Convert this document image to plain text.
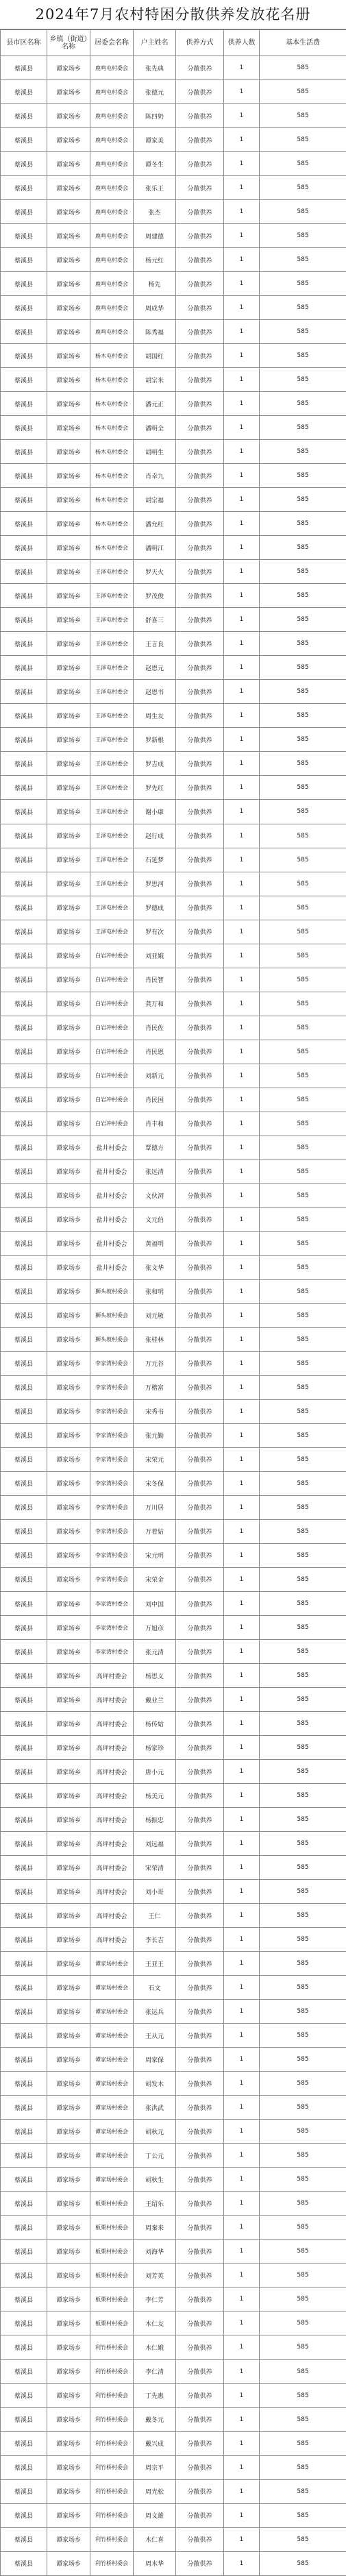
2024年7月农村特困分散供养发放花名册
县市区名称	乡镇（街道）名称	居委会名称	户主姓名	供养方式	供养人数	基本生活费
蔡溪县	谭家场乡	鹿鸣屯村委会	张先典	分散供养	1	585
蔡溪县	谭家场乡	鹿鸣屯村委会	张德元	分散供养	1	585
蔡溪县	谭家场乡	鹿鸣屯村委会	陈四奶	分散供养	1	585
蔡溪县	谭家场乡	鹿鸣屯村委会	谭家美	分散供养	1	585
蔡溪县	谭家场乡	鹿鸣屯村委会	谭冬生	分散供养	1	585
蔡溪县	谭家场乡	鹿鸣屯村委会	张乐王	分散供养	1	585
蔡溪县	谭家场乡	鹿鸣屯村委会	张杰	分散供养	1	585
蔡溪县	谭家场乡	鹿鸣屯村委会	周建德	分散供养	1	585
蔡溪县	谭家场乡	鹿鸣屯村委会	杨元红	分散供养	1	585
蔡溪县	谭家场乡	鹿鸣屯村委会	杨先	分散供养	1	585
蔡溪县	谭家场乡	鹿鸣屯村委会	周成华	分散供养	1	585
蔡溪县	谭家场乡	鹿鸣屯村委会	陈秀福	分散供养	1	585
蔡溪县	谭家场乡	杨木屯村委会	胡国红	分散供养	1	585
蔡溪县	谭家场乡	杨木屯村委会	胡宗米	分散供养	1	585
蔡溪县	谭家场乡	杨木屯村委会	潘元正	分散供养	1	585
蔡溪县	谭家场乡	杨木屯村委会	潘明全	分散供养	1	585
蔡溪县	谭家场乡	杨木屯村委会	胡明生	分散供养	1	585
蔡溪县	谭家场乡	杨木屯村委会	肖幸九	分散供养	1	585
蔡溪县	谭家场乡	杨木屯村委会	胡宗福	分散供养	1	585
蔡溪县	谭家场乡	杨木屯村委会	潘允红	分散供养	1	585
蔡溪县	谭家场乡	杨木屯村委会	潘明江	分散供养	1	585
蔡溪县	谭家场乡	王泽屯村委会	罗天火	分散供养	1	585
蔡溪县	谭家场乡	王泽屯村委会	罗茂俊	分散供养	1	585
蔡溪县	谭家场乡	王泽屯村委会	舒喜三	分散供养	1	585
蔡溪县	谭家场乡	王泽屯村委会	王言良	分散供养	1	585
蔡溪县	谭家场乡	王泽屯村委会	赵恩元	分散供养	1	585
蔡溪县	谭家场乡	王泽屯村委会	赵恩书	分散供养	1	585
蔡溪县	谭家场乡	王泽屯村委会	周生友	分散供养	1	585
蔡溪县	谭家场乡	王泽屯村委会	罗新根	分散供养	1	585
蔡溪县	谭家场乡	王泽屯村委会	罗吉成	分散供养	1	585
蔡溪县	谭家场乡	王泽屯村委会	罗先红	分散供养	1	585
蔡溪县	谭家场乡	王泽屯村委会	谢小康	分散供养	1	585
蔡溪县	谭家场乡	王泽屯村委会	赵行成	分散供养	1	585
蔡溪县	谭家场乡	王泽屯村委会	石延梦	分散供养	1	585
蔡溪县	谭家场乡	王泽屯村委会	罗思河	分散供养	1	585
蔡溪县	谭家场乡	王泽屯村委会	罗德成	分散供养	1	585
蔡溪县	谭家场乡	王泽屯村委会	罗有次	分散供养	1	585
蔡溪县	谭家场乡	白岩冲村委会	刘亚娥	分散供养	1	585
蔡溪县	谭家场乡	白岩冲村委会	肖民智	分散供养	1	585
蔡溪县	谭家场乡	白岩冲村委会	龚万和	分散供养	1	585
蔡溪县	谭家场乡	白岩冲村委会	肖民佐	分散供养	1	585
蔡溪县	谭家场乡	白岩冲村委会	肖民恩	分散供养	1	585
蔡溪县	谭家场乡	白岩冲村委会	刘新元	分散供养	1	585
蔡溪县	谭家场乡	白岩冲村委会	肖民国	分散供养	1	585
蔡溪县	谭家场乡	白岩冲村委会	肖丰和	分散供养	1	585
蔡溪县	谭家场乡	盐井村委会	覃德方	分散供养	1	585
蔡溪县	谭家场乡	盐井村委会	张远清	分散供养	1	585
蔡溪县	谭家场乡	盐井村委会	文伙洞	分散供养	1	585
蔡溪县	谭家场乡	盐井村委会	文元伯	分散供养	1	585
蔡溪县	谭家场乡	盐井村委会	黄福明	分散供养	1	585
蔡溪县	谭家场乡	盐井村委会	张文华	分散供养	1	585
蔡溪县	谭家场乡	狮头坡村委会	张和明	分散供养	1	585
蔡溪县	谭家场乡	狮头坡村委会	刘元敏	分散供养	1	585
蔡溪县	谭家场乡	狮头坡村委会	张桂林	分散供养	1	585
蔡溪县	谭家场乡	李家湾村委会	万元谷	分散供养	1	585
蔡溪县	谭家场乡	李家湾村委会	万楷富	分散供养	1	585
蔡溪县	谭家场乡	李家湾村委会	宋秀书	分散供养	1	585
蔡溪县	谭家场乡	李家湾村委会	张元勤	分散供养	1	585
蔡溪县	谭家场乡	李家湾村委会	宋荣元	分散供养	1	585
蔡溪县	谭家场乡	李家湾村委会	宋冬保	分散供养	1	585
蔡溪县	谭家场乡	李家湾村委会	万川居	分散供养	1	585
蔡溪县	谭家场乡	李家湾村委会	万着姑	分散供养	1	585
蔡溪县	谭家场乡	李家湾村委会	宋元明	分散供养	1	585
蔡溪县	谭家场乡	李家湾村委会	宋荣金	分散供养	1	585
蔡溪县	谭家场乡	李家湾村委会	刘中国	分散供养	1	585
蔡溪县	谭家场乡	李家湾村委会	万旭彦	分散供养	1	585
蔡溪县	谭家场乡	李家湾村委会	张元清	分散供养	1	585
蔡溪县	谭家场乡	高坪村委会	杨思义	分散供养	1	585
蔡溪县	谭家场乡	高坪村委会	戴业兰	分散供养	1	585
蔡溪县	谭家场乡	高坪村委会	杨传姑	分散供养	1	585
蔡溪县	谭家场乡	高坪村委会	杨家珍	分散供养	1	585
蔡溪县	谭家场乡	高坪村委会	唐小元	分散供养	1	585
蔡溪县	谭家场乡	高坪村委会	杨美元	分散供养	1	585
蔡溪县	谭家场乡	高坪村委会	杨振忠	分散供养	1	585
蔡溪县	谭家场乡	高坪村委会	刘远福	分散供养	1	585
蔡溪县	谭家场乡	高坪村委会	宋荣清	分散供养	1	585
蔡溪县	谭家场乡	高坪村委会	刘小哥	分散供养	1	585
蔡溪县	谭家场乡	高坪村委会	王仁	分散供养	1	585
蔡溪县	谭家场乡	高坪村委会	李长吉	分散供养	1	585
蔡溪县	谭家场乡	谭家场村委会	王亚王	分散供养	1	585
蔡溪县	谭家场乡	谭家场村委会	石文	分散供养	1	585
蔡溪县	谭家场乡	谭家场村委会	张运兵	分散供养	1	585
蔡溪县	谭家场乡	谭家场村委会	王从元	分散供养	1	585
蔡溪县	谭家场乡	谭家场村委会	周家保	分散供养	1	585
蔡溪县	谭家场乡	谭家场村委会	胡发木	分散供养	1	585
蔡溪县	谭家场乡	谭家场村委会	张洪武	分散供养	1	585
蔡溪县	谭家场乡	谭家场村委会	胡秋元	分散供养	1	585
蔡溪县	谭家场乡	谭家场村委会	丁公元	分散供养	1	585
蔡溪县	谭家场乡	谭家场村委会	胡秋生	分散供养	1	585
蔡溪县	谭家场乡	板栗村村委会	王绍乐	分散供养	1	585
蔡溪县	谭家场乡	板栗村村委会	周秦来	分散供养	1	585
蔡溪县	谭家场乡	板栗村村委会	刘海华	分散供养	1	585
蔡溪县	谭家场乡	板栗村村委会	刘芳英	分散供养	1	585
蔡溪县	谭家场乡	板栗村村委会	李仁芳	分散供养	1	585
蔡溪县	谭家场乡	板栗村村委会	木仁友	分散供养	1	585
蔡溪县	谭家场乡	利竹桥村委会	木仁娥	分散供养	1	585
蔡溪县	谭家场乡	利竹桥村委会	李仁清	分散供养	1	585
蔡溪县	谭家场乡	利竹桥村委会	丁先惠	分散供养	1	585
蔡溪县	谭家场乡	利竹桥村委会	戴冬元	分散供养	1	585
蔡溪县	谭家场乡	利竹桥村委会	戴兴成	分散供养	1	585
蔡溪县	谭家场乡	利竹桥村委会	周宗平	分散供养	1	585
蔡溪县	谭家场乡	利竹桥村委会	周光松	分散供养	1	585
蔡溪县	谭家场乡	利竹桥村委会	周文雄	分散供养	1	585
蔡溪县	谭家场乡	利竹桥村委会	木仁喜	分散供养	1	585
蔡溪县	谭家场乡	利竹桥村委会	周木华	分散供养	1	585
